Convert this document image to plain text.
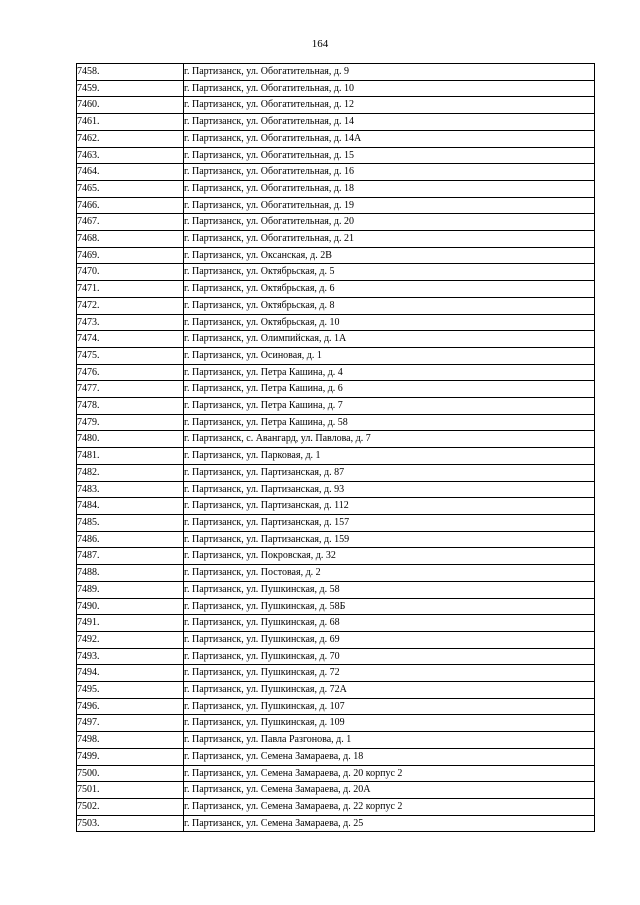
164
7458.	г. Партизанск, ул. Обогатительная, д. 9
7459.	г. Партизанск, ул. Обогатительная, д. 10
7460.	г. Партизанск, ул. Обогатительная, д. 12
7461.	г. Партизанск, ул. Обогатительная, д. 14
7462.	г. Партизанск, ул. Обогатительная, д. 14А
7463.	г. Партизанск, ул. Обогатительная, д. 15
7464.	г. Партизанск, ул. Обогатительная, д. 16
7465.	г. Партизанск, ул. Обогатительная, д. 18
7466.	г. Партизанск, ул. Обогатительная, д. 19
7467.	г. Партизанск, ул. Обогатительная, д. 20
7468.	г. Партизанск, ул. Обогатительная, д. 21
7469.	г. Партизанск, ул. Оксанская, д. 2В
7470.	г. Партизанск, ул. Октябрьская, д. 5
7471.	г. Партизанск, ул. Октябрьская, д. 6
7472.	г. Партизанск, ул. Октябрьская, д. 8
7473.	г. Партизанск, ул. Октябрьская, д. 10
7474.	г. Партизанск, ул. Олимпийская, д. 1А
7475.	г. Партизанск, ул. Осиновая, д. 1
7476.	г. Партизанск, ул. Петра Кашина, д. 4
7477.	г. Партизанск, ул. Петра Кашина, д. 6
7478.	г. Партизанск, ул. Петра Кашина, д. 7
7479.	г. Партизанск, ул. Петра Кашина, д. 58
7480.	г. Партизанск, с. Авангард, ул. Павлова, д. 7
7481.	г. Партизанск, ул. Парковая, д. 1
7482.	г. Партизанск, ул. Партизанская, д. 87
7483.	г. Партизанск, ул. Партизанская, д. 93
7484.	г. Партизанск, ул. Партизанская, д. 112
7485.	г. Партизанск, ул. Партизанская, д. 157
7486.	г. Партизанск, ул. Партизанская, д. 159
7487.	г. Партизанск, ул. Покровская, д. 32
7488.	г. Партизанск, ул. Постовая, д. 2
7489.	г. Партизанск, ул. Пушкинская, д. 58
7490.	г. Партизанск, ул. Пушкинская, д. 58Б
7491.	г. Партизанск, ул. Пушкинская, д. 68
7492.	г. Партизанск, ул. Пушкинская, д. 69
7493.	г. Партизанск, ул. Пушкинская, д. 70
7494.	г. Партизанск, ул. Пушкинская, д. 72
7495.	г. Партизанск, ул. Пушкинская, д. 72А
7496.	г. Партизанск, ул. Пушкинская, д. 107
7497.	г. Партизанск, ул. Пушкинская, д. 109
7498.	г. Партизанск, ул. Павла Разгонова, д. 1
7499.	г. Партизанск, ул. Семена Замараева, д. 18
7500.	г. Партизанск, ул. Семена Замараева, д. 20 корпус 2
7501.	г. Партизанск, ул. Семена Замараева, д. 20А
7502.	г. Партизанск, ул. Семена Замараева, д. 22 корпус 2
7503.	г. Партизанск, ул. Семена Замараева, д. 25
